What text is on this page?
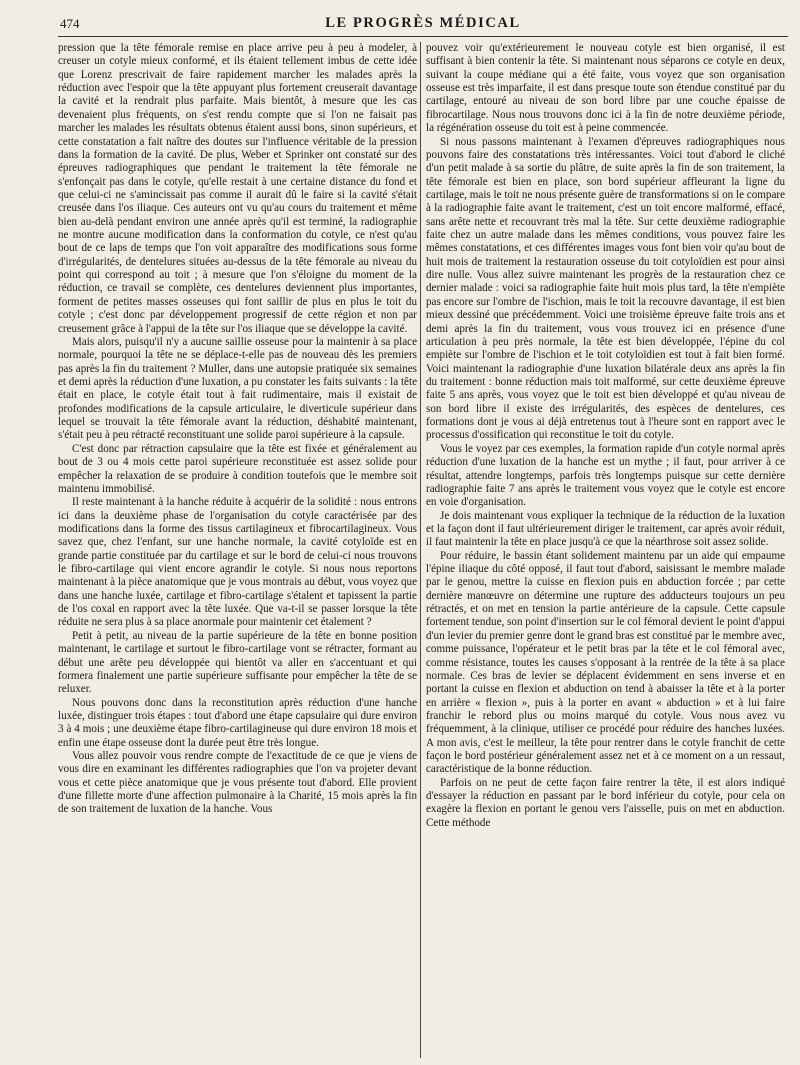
474	LE PROGRÈS MÉDICAL

pression que la tête fémorale remise en place arrive peu à peu à modeler, à creuser un cotyle mieux conformé, et ils étaient tellement imbus de cette idée que Lorenz prescrivait de faire rapidement marcher les malades après la réduction avec l'espoir que la tête appuyant plus fortement creuserait davantage la cavité et la rendrait plus parfaite. Mais bientôt, à mesure que les cas devenaient plus fréquents, on s'est rendu compte que si l'on ne faisait pas marcher les malades les résultats obtenus étaient aussi bons, sinon supérieurs, et cette constatation a fait naître des doutes sur l'influence véritable de la pression dans la formation de la cavité. De plus, Weber et Sprinker ont constaté sur des épreuves radiographiques que pendant le traitement la tête fémorale ne s'enfonçait pas dans le cotyle, qu'elle restait à une certaine distance du fond et que celui-ci ne s'amincissait pas comme il aurait dû le faire si la cavité s'était creusée dans l'os iliaque. Ces auteurs ont vu qu'au cours du traitement et même bien au-delà pendant environ une année après qu'il est terminé, la radiographie ne montre aucune modification dans la conformation du cotyle, ce n'est qu'au bout de ce laps de temps que l'on voit apparaître des modifications sous forme d'irrégularités, de dentelures situées au-dessus de la tête fémorale au niveau du point qui correspond au toit ; à mesure que l'on s'éloigne du moment de la réduction, ce travail se complète, ces dentelures deviennent plus importantes, forment de petites masses osseuses qui font saillir de plus en plus le toit du cotyle ; c'est donc par développement progressif de cette région et non par creusement grâce à l'appui de la tête sur l'os iliaque que se développe la cavité.

Mais alors, puisqu'il n'y a aucune saillie osseuse pour la maintenir à sa place normale, pourquoi la tête ne se déplace-t-elle pas de nouveau dès les premiers pas après la fin du traitement ? Muller, dans une autopsie pratiquée six semaines et demi après la réduction d'une luxation, a pu constater les faits suivants : la tête était en place, le cotyle était tout à fait rudimentaire, mais il existait de profondes modifications de la capsule articulaire, le diverticule supérieur dans lequel se trouvait la tête fémorale avant la réduction, déshabité maintenant, s'était peu à peu rétracté reconstituant une solide paroi supérieure à la capsule.

C'est donc par rétraction capsulaire que la tête est fixée et généralement au bout de 3 ou 4 mois cette paroi supérieure reconstituée est assez solide pour empêcher la relaxation de se produire à condition toutefois que le membre soit maintenu immobilisé.

Il reste maintenant à la hanche réduite à acquérir de la solidité : nous entrons ici dans la deuxième phase de l'organisation du cotyle caractérisée par des modifications dans la forme des tissus cartilagineux et fibrocartilagineux. Vous savez que, chez l'enfant, sur une hanche normale, la cavité cotyloïde est en grande partie constituée par du cartilage et sur le bord de celui-ci nous trouvons le fibro-cartilage qui vient encore agrandir le cotyle. Si nous nous reportons maintenant à la pièce anatomique que je vous montrais au début, vous voyez que dans une hanche luxée, cartilage et fibro-cartilage s'étalent et tapissent la partie de l'os coxal en rapport avec la tête luxée. Que va-t-il se passer lorsque la tête réduite ne sera plus à sa place anormale pour maintenir cet étalement ?

Petit à petit, au niveau de la partie supérieure de la tête en bonne position maintenant, le cartilage et surtout le fibro-cartilage vont se rétracter, formant au début une arête peu développée qui bientôt va aller en s'accentuant et qui formera finalement une partie supérieure suffisante pour empêcher la tête de se reluxer.

Nous pouvons donc dans la reconstitution après réduction d'une hanche luxée, distinguer trois étapes : tout d'abord une étape capsulaire qui dure environ 3 à 4 mois ; une deuxième étape fibro-cartilagineuse qui dure environ 18 mois et enfin une étape osseuse dont la durée peut être très longue.

Vous allez pouvoir vous rendre compte de l'exactitude de ce que je viens de vous dire en examinant les différentes radiographies que l'on va projeter devant vous et cette pièce anatomique que je vous présente tout d'abord. Elle provient d'une fillette morte d'une affection pulmonaire à la Charité, 15 mois après la fin de son traitement de luxation de la hanche. Vous

pouvez voir qu'extérieurement le nouveau cotyle est bien organisé, il est suffisant à bien contenir la tête. Si maintenant nous séparons ce cotyle en deux, suivant la coupe médiane qui a été faite, vous voyez que son organisation osseuse est très imparfaite, il est dans presque toute son étendue constitué par du cartilage, entouré au niveau de son bord libre par une couche épaisse de fibrocartilage. Nous nous trouvons donc ici à la fin de notre deuxième période, la régénération osseuse du toit est à peine commencée.

Si nous passons maintenant à l'examen d'épreuves radiographiques nous pouvons faire des constatations très intéressantes. Voici tout d'abord le cliché d'un petit malade à sa sortie du plâtre, de suite après la fin de son traitement, la tête fémorale est bien en place, son bord supérieur affleurant la ligne du cartilage, mais le toit ne nous présente guère de transformations si on le compare à la radiographie faite avant le traitement, c'est un toit encore malformé, effacé, sans arête nette et recouvrant très mal la tête. Sur cette deuxième radiographie faite chez un autre malade dans les mêmes conditions, vous pouvez faire les mêmes constatations, et ces différentes images vous font bien voir qu'au bout de huit mois de traitement la restauration osseuse du toit cotyloïdien est pour ainsi dire nulle. Vous allez suivre maintenant les progrès de la restauration chez ce dernier malade : voici sa radiographie faite huit mois plus tard, la tête n'empiète pas encore sur l'ombre de l'ischion, mais le toit la recouvre davantage, il est bien mieux dessiné que précédemment. Voici une troisième épreuve faite trois ans et demi après la fin du traitement, vous vous trouvez ici en présence d'une articulation à peu près normale, la tête est bien développée, l'épine du col empiète sur l'ombre de l'ischion et le toit cotyloïdien est tout à fait bien formé. Voici maintenant la radiographie d'une luxation bilatérale deux ans après la fin du traitement : bonne réduction mais toit malformé, sur cette deuxième épreuve faite 5 ans après, vous voyez que le toit est bien développé et qu'au niveau de son bord libre il existe des irrégularités, des espèces de dentelures, ces formations dont je vous ai déjà entretenus tout à l'heure sont en rapport avec le processus d'ossification qui reconstitue le toit du cotyle.

Vous le voyez par ces exemples, la formation rapide d'un cotyle normal après réduction d'une luxation de la hanche est un mythe ; il faut, pour arriver à ce résultat, attendre longtemps, parfois très longtemps puisque sur cette dernière radiographie faite 7 ans après le traitement vous voyez que le cotyle est encore en voie d'organisation.

Je dois maintenant vous expliquer la technique de la réduction de la luxation et la façon dont il faut ultérieurement diriger le traitement, car après avoir réduit, il faut maintenir la tête en place jusqu'à ce que la néarthrose soit assez solide.

Pour réduire, le bassin étant solidement maintenu par un aide qui empaume l'épine iliaque du côté opposé, il faut tout d'abord, saisissant le membre malade par le genou, mettre la cuisse en flexion puis en abduction forcée ; par cette dernière manœuvre on détermine une rupture des adducteurs toujours un peu rétractés, et on met en tension la partie antérieure de la capsule. Cette capsule fortement tendue, son point d'insertion sur le col fémoral devient le point d'appui d'un levier du premier genre dont le grand bras est constitué par le membre avec, comme puissance, l'opérateur et le petit bras par la tête et le col fémoral avec, comme résistance, toutes les causes s'opposant à la rentrée de la tête à sa place normale. Ces bras de levier se déplacent évidemment en sens inverse et en portant la cuisse en flexion et abduction on tend à abaisser la tête et à la porter en arrière « flexion », puis à la porter en avant « abduction » et à lui faire franchir le rebord plus ou moins marqué du cotyle. Vous nous avez vu fréquemment, à la clinique, utiliser ce procédé pour réduire des hanches luxées. A mon avis, c'est le meilleur, la tête pour rentrer dans le cotyle franchit de cette façon le bord postérieur généralement assez net et à ce moment on a un ressaut, caractéristique de la bonne réduction.

Parfois on ne peut de cette façon faire rentrer la tête, il est alors indiqué d'essayer la réduction en passant par le bord inférieur du cotyle, pour cela on exagère la flexion en portant le genou vers l'aisselle, puis on met en abduction. Cette méthode
